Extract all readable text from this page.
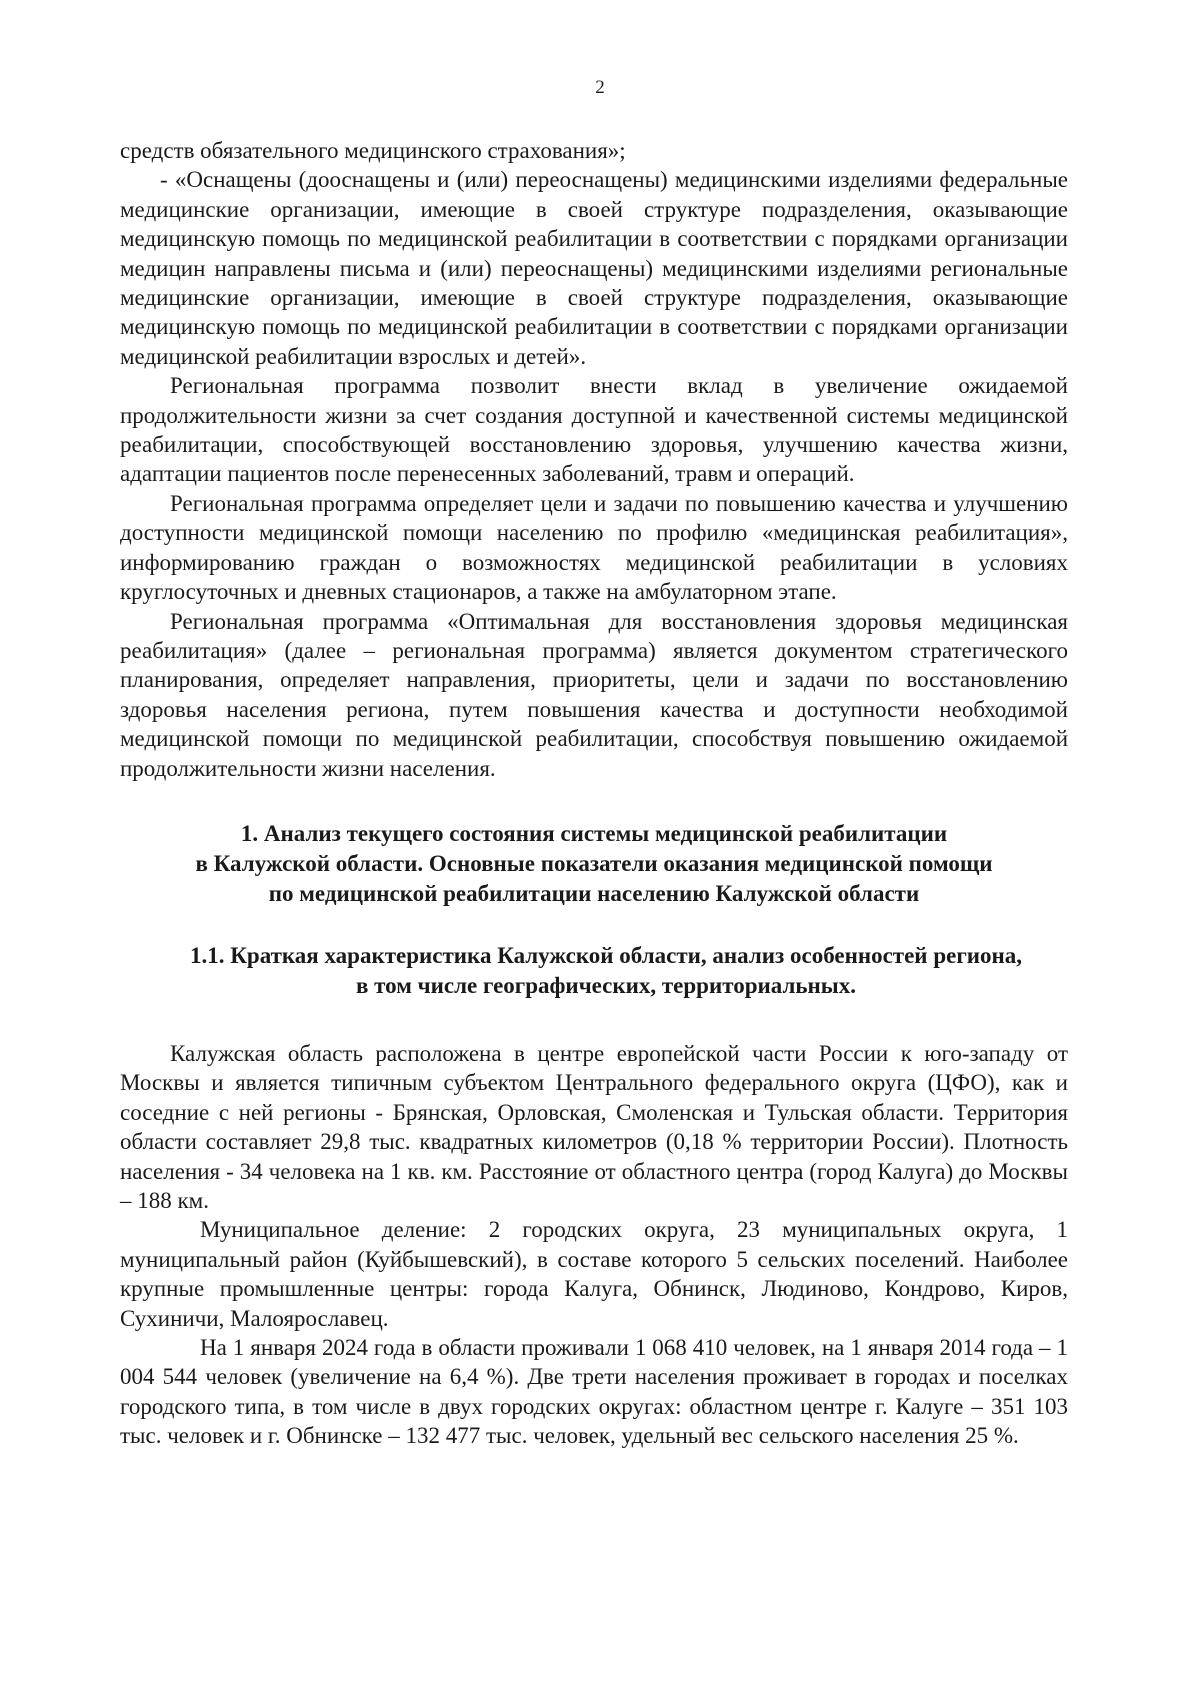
2

средств обязательного медицинского страхования»;

- «Оснащены (дооснащены и (или) переоснащены) медицинскими изделиями федеральные медицинские организации, имеющие в своей структуре подразделения, оказывающие медицинскую помощь по медицинской реабилитации в соответствии с порядками организации медицин направлены письма и (или) переоснащены) медицинскими изделиями региональные медицинские организации, имеющие в своей структуре подразделения, оказывающие медицинскую помощь по медицинской реабилитации в соответствии с порядками организации медицинской реабилитации взрослых и детей».

Региональная программа позволит внести вклад в увеличение ожидаемой продолжительности жизни за счет создания доступной и качественной системы медицинской реабилитации, способствующей восстановлению здоровья, улучшению качества жизни, адаптации пациентов после перенесенных заболеваний, травм и операций.

Региональная программа определяет цели и задачи по повышению качества и улучшению доступности медицинской помощи населению по профилю «медицинская реабилитация», информированию граждан о возможностях медицинской реабилитации в условиях круглосуточных и дневных стационаров, а также на амбулаторном этапе.

Региональная программа «Оптимальная для восстановления здоровья медицинская реабилитация» (далее – региональная программа) является документом стратегического планирования, определяет направления, приоритеты, цели и задачи по восстановлению здоровья населения региона, путем повышения качества и доступности необходимой медицинской помощи по медицинской реабилитации, способствуя повышению ожидаемой продолжительности жизни населения.

1. Анализ текущего состояния системы медицинской реабилитации
в Калужской области. Основные показатели оказания медицинской помощи
по медицинской реабилитации населению Калужской области
1.1. Краткая характеристика Калужской области, анализ особенностей региона,
в том числе географических, территориальных.

Калужская область расположена в центре европейской части России к юго-западу от Москвы и является типичным субъектом Центрального федерального округа (ЦФО), как и соседние с ней регионы - Брянская, Орловская, Смоленская и Тульская области. Территория области составляет 29,8 тыс. квадратных километров (0,18 % территории России). Плотность населения - 34 человека на 1 кв. км. Расстояние от областного центра (город Калуга) до Москвы – 188 км.

Муниципальное деление: 2 городских округа, 23 муниципальных округа, 1 муниципальный район (Куйбышевский), в составе которого 5 сельских поселений. Наиболее крупные промышленные центры: города Калуга, Обнинск, Людиново, Кондрово, Киров, Сухиничи, Малоярославец.

На 1 января 2024 года в области проживали 1 068 410 человек, на 1 января 2014 года – 1 004 544 человек (увеличение на 6,4 %). Две трети населения проживает в городах и поселках городского типа, в том числе в двух городских округах: областном центре г. Калуге – 351 103 тыс. человек и г. Обнинске – 132 477 тыс. человек, удельный вес сельского населения 25 %.
